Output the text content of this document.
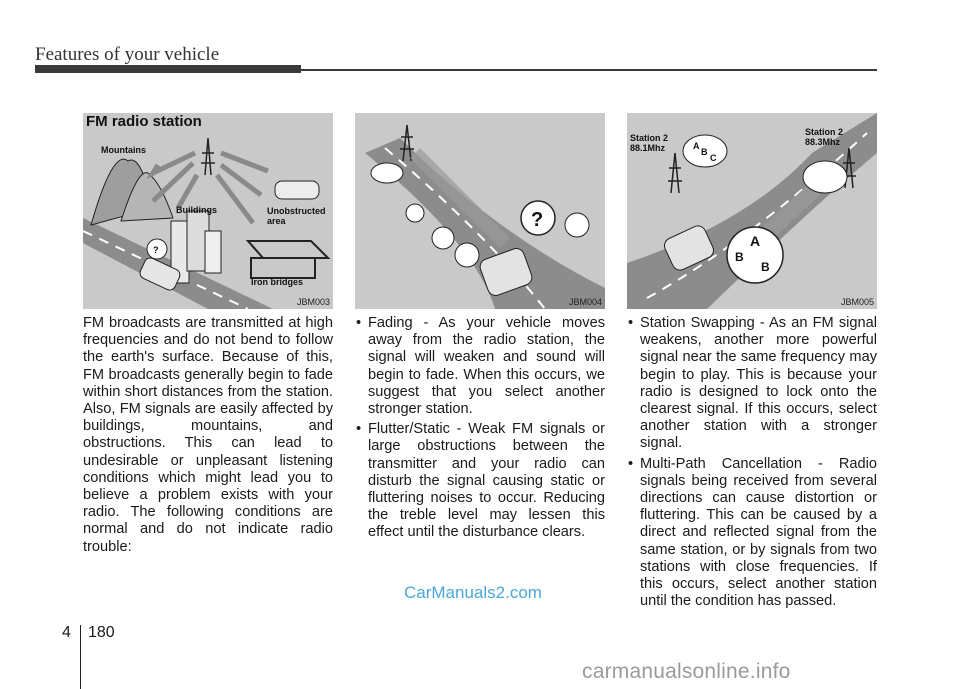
Features of your vehicle
?
Mountains
Buildings	Unobstructed
area
Iron bridges
FM radio station
JBM003
?
JBM004
A
B
C
A
B
B
Station 2
88.1Mhz
Station 2
88.3Mhz
JBM005

FM broadcasts are transmitted at high frequencies and do not bend to follow the earth's surface. Because of this, FM broadcasts generally begin to fade within short distances from the station. Also, FM signals are easily affected by buildings, mountains, and obstructions. This can lead to undesirable or unpleasant listening conditions which might lead you to believe a problem exists with your radio. The following conditions are normal and do not indicate radio trouble:

• Fading - As your vehicle moves away from the radio station, the signal will weaken and sound will begin to fade. When this occurs, we suggest that you select another stronger station.
• Flutter/Static - Weak FM signals or large obstructions between the transmitter and your radio can disturb the signal causing static or fluttering noises to occur. Reducing the treble level may lessen this effect until the disturbance clears.
• Station Swapping - As an FM signal weakens, another more powerful signal near the same frequency may begin to play. This is because your radio is designed to lock onto the clearest signal. If this occurs, select another station with a stronger signal.
• Multi-Path Cancellation - Radio signals being received from several directions can cause distortion or fluttering. This can be caused by a direct and reflected signal from the same station, or by signals from two stations with close frequencies. If this occurs, select another station until the condition has passed.
CarManuals2.com
4 180
carmanualsonline.info
